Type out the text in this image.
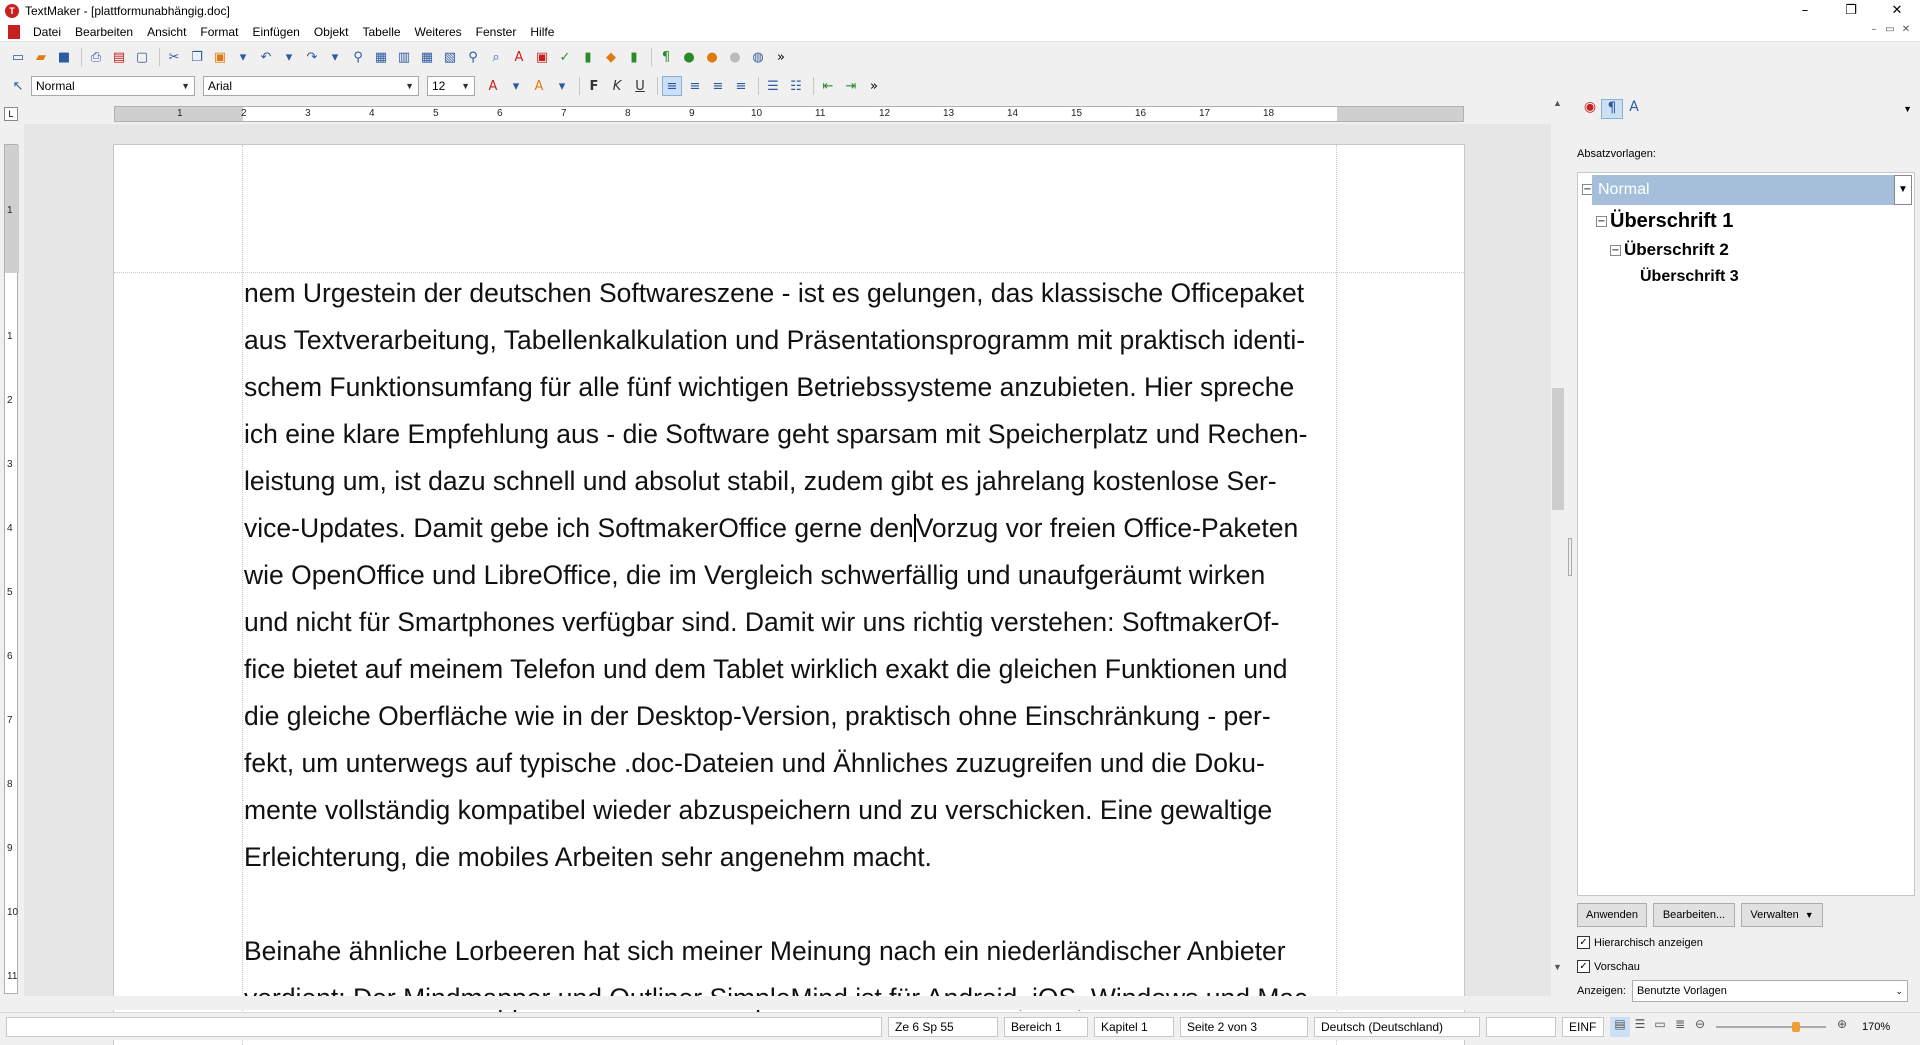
T TextMaker - [plattformunabhängig.doc]	–	❐	✕
Datei	Bearbeiten	Ansicht	Format	Einfügen	Objekt	Tabelle	Weiteres	Fenster	Hilfe	– ▭ ✕
▭ ▰ ■	⎙ ▤ ▢	✂ ❐ ▣	▾	↶	▾	↷	▾	⚲ ▦ ▥ ▦ ▧ ⚲	⌕	A ▣ ✓	▮	◆	▮	¶	● ● ● ◍	»
↖	Normal	▼ Arial	▼ 12 ▼	A	▾	A	▾	F	K	U	≡ ≡ ≡ ≡	☰ ☷	⇤ ⇥	»
L	1	2	3	4	5	6	7	8	9	10	11	12	13	14	15	16	17	18
1
1
2
3
4
5
6
7
8
9
10
11

nem Urgestein der deutschen Softwareszene - ist es gelungen, das klassische Officepaket

aus Textverarbeitung, Tabellenkalkulation und Präsentationsprogramm mit praktisch identi-

schem Funktionsumfang für alle fünf wichtigen Betriebssysteme anzubieten. Hier spreche

ich eine klare Empfehlung aus - die Software geht sparsam mit Speicherplatz und Rechen-

leistung um, ist dazu schnell und absolut stabil, zudem gibt es jahrelang kostenlose Ser-

vice-Updates. Damit gebe ich SoftmakerOffice gerne denVorzug vor freien Office-Paketen

wie OpenOffice und LibreOffice, die im Vergleich schwerfällig und unaufgeräumt wirken

und nicht für Smartphones verfügbar sind. Damit wir uns richtig verstehen: SoftmakerOf-

fice bietet auf meinem Telefon und dem Tablet wirklich exakt die gleichen Funktionen und

die gleiche Oberfläche wie in der Desktop-Version, praktisch ohne Einschränkung - per-

fekt, um unterwegs auf typische .doc-Dateien und Ähnliches zuzugreifen und die Doku-

mente vollständig kompatibel wieder abzuspeichern und zu verschicken. Eine gewaltige

Erleichterung, die mobiles Arbeiten sehr angenehm macht.

Beinahe ähnliche Lorbeeren hat sich meiner Meinung nach ein niederländischer Anbieter

▲
▼
◉ ¶ A	▼
Absatzvorlagen:
− Normal	▼
− Überschrift 1
− Überschrift 2
Überschrift 3
Anwenden	Bearbeiten...	Verwalten ▼
✓ Hierarchisch anzeigen
✓ Vorschau
Anzeigen: Benutzte Vorlagen	⌄
Ze 6 Sp 55	Bereich 1	Kapitel 1	Seite 2 von 3	Deutsch (Deutschland)	EINF	▤ ☰ ▭ ≣ ⊖	⊕	170%
